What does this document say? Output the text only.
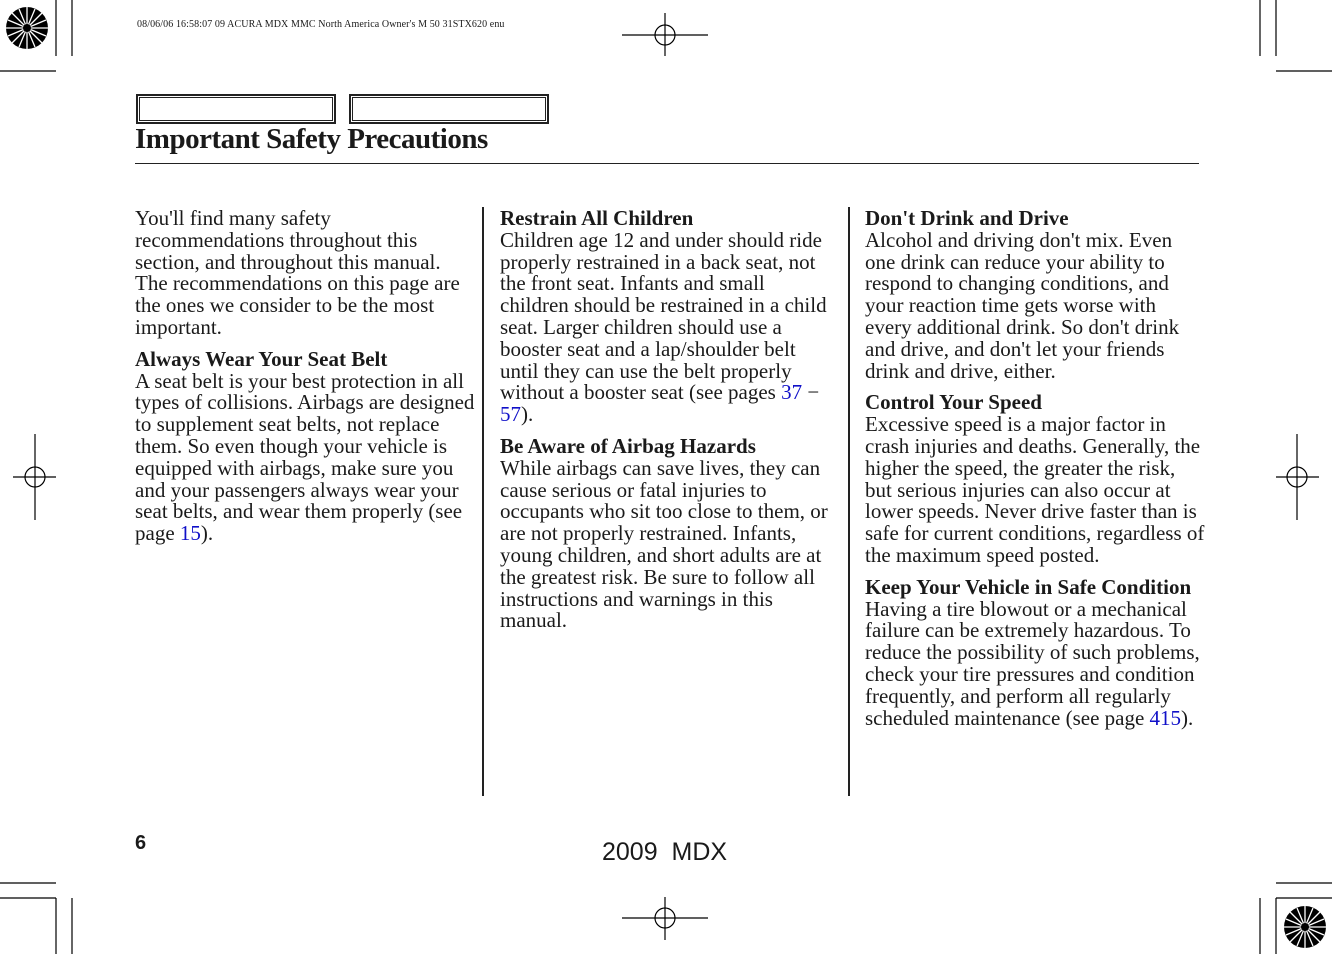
08/06/06 16:58:07 09 ACURA MDX MMC North America Owner's M 50 31STX620 enu
Important Safety Precautions

You'll find many safety recommendations throughout this section, and throughout this manual. The recommendations on this page are the ones we consider to be the most important.

Always Wear Your Seat Belt

A seat belt is your best protection in all types of collisions. Airbags are designed to supplement seat belts, not replace them. So even though your vehicle is equipped with airbags, make sure you and your passengers always wear your seat belts, and wear them properly (see page 15).

Restrain All Children

Children age 12 and under should ride properly restrained in a back seat, not the front seat. Infants and small children should be restrained in a child seat. Larger children should use a booster seat and a lap/shoulder belt until they can use the belt properly without a booster seat (see pages 37 − 57).

Be Aware of Airbag Hazards

While airbags can save lives, they can cause serious or fatal injuries to occupants who sit too close to them, or are not properly restrained. Infants, young children, and short adults are at the greatest risk. Be sure to follow all instructions and warnings in this manual.

Don't Drink and Drive

Alcohol and driving don't mix. Even one drink can reduce your ability to respond to changing conditions, and your reaction time gets worse with every additional drink. So don't drink and drive, and don't let your friends drink and drive, either.

Control Your Speed

Excessive speed is a major factor in crash injuries and deaths. Generally, the higher the speed, the greater the risk, but serious injuries can also occur at lower speeds. Never drive faster than is safe for current conditions, regardless of the maximum speed posted.

Keep Your Vehicle in Safe Condition

Having a tire blowout or a mechanical failure can be extremely hazardous. To reduce the possibility of such problems, check your tire pressures and condition frequently, and perform all regularly scheduled maintenance (see page 415).

6	2009  MDX
